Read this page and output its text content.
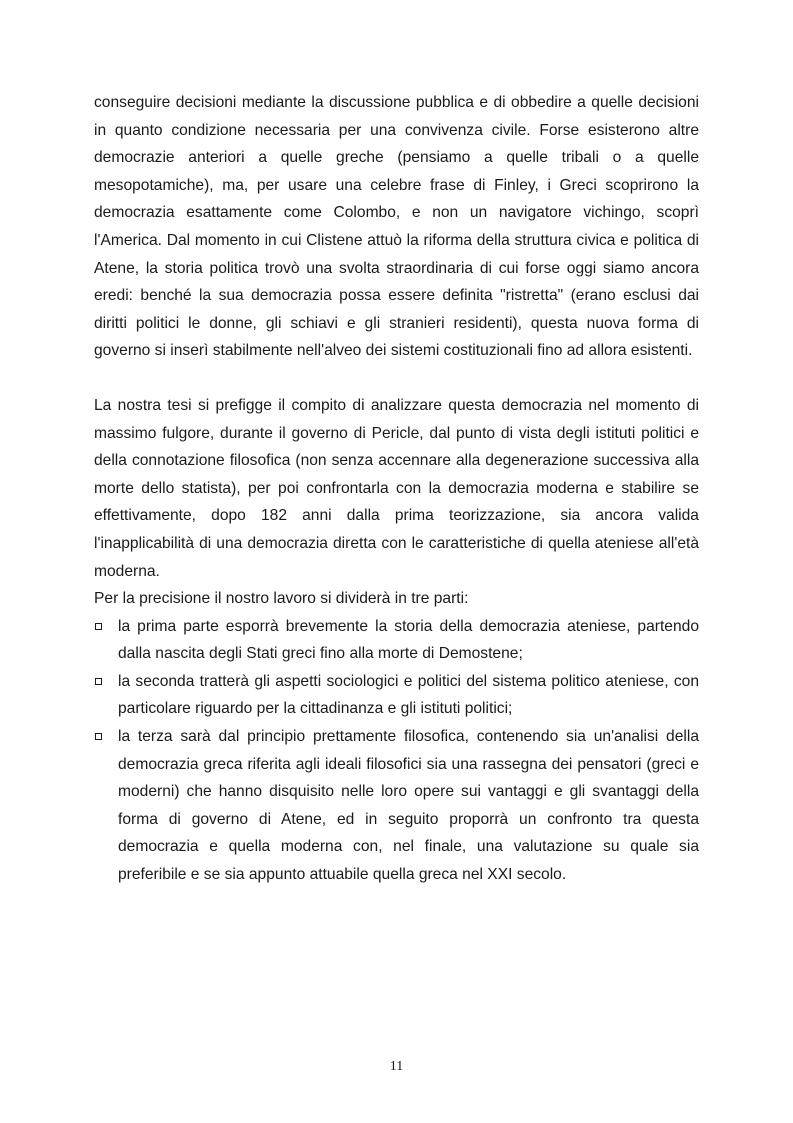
conseguire decisioni mediante la discussione pubblica e di obbedire a quelle decisioni in quanto condizione necessaria per una convivenza civile. Forse esisterono altre democrazie anteriori a quelle greche (pensiamo a quelle tribali o a quelle mesopotamiche), ma, per usare una celebre frase di Finley, i Greci scoprirono la democrazia esattamente come Colombo, e non un navigatore vichingo, scoprì l'America. Dal momento in cui Clistene attuò la riforma della struttura civica e politica di Atene, la storia politica trovò una svolta straordinaria di cui forse oggi siamo ancora eredi: benché la sua democrazia possa essere definita "ristretta" (erano esclusi dai diritti politici le donne, gli schiavi e gli stranieri residenti), questa nuova forma di governo si inserì stabilmente nell'alveo dei sistemi costituzionali fino ad allora esistenti.

La nostra tesi si prefigge il compito di analizzare questa democrazia nel momento di massimo fulgore, durante il governo di Pericle, dal punto di vista degli istituti politici e della connotazione filosofica (non senza accennare alla degenerazione successiva alla morte dello statista), per poi confrontarla con la democrazia moderna e stabilire se effettivamente, dopo 182 anni dalla prima teorizzazione, sia ancora valida l'inapplicabilità di una democrazia diretta con le caratteristiche di quella ateniese all'età moderna.

Per la precisione il nostro lavoro si dividerà in tre parti:

la prima parte esporrà brevemente la storia della democrazia ateniese, partendo dalla nascita degli Stati greci fino alla morte di Demostene;
la seconda tratterà gli aspetti sociologici e politici del sistema politico ateniese, con particolare riguardo per la cittadinanza e gli istituti politici;
la terza sarà dal principio prettamente filosofica, contenendo sia un'analisi della democrazia greca riferita agli ideali filosofici sia una rassegna dei pensatori (greci e moderni) che hanno disquisito nelle loro opere sui vantaggi e gli svantaggi della forma di governo di Atene, ed in seguito proporrà un confronto tra questa democrazia e quella moderna con, nel finale, una valutazione su quale sia preferibile e se sia appunto attuabile quella greca nel XXI secolo.
11
